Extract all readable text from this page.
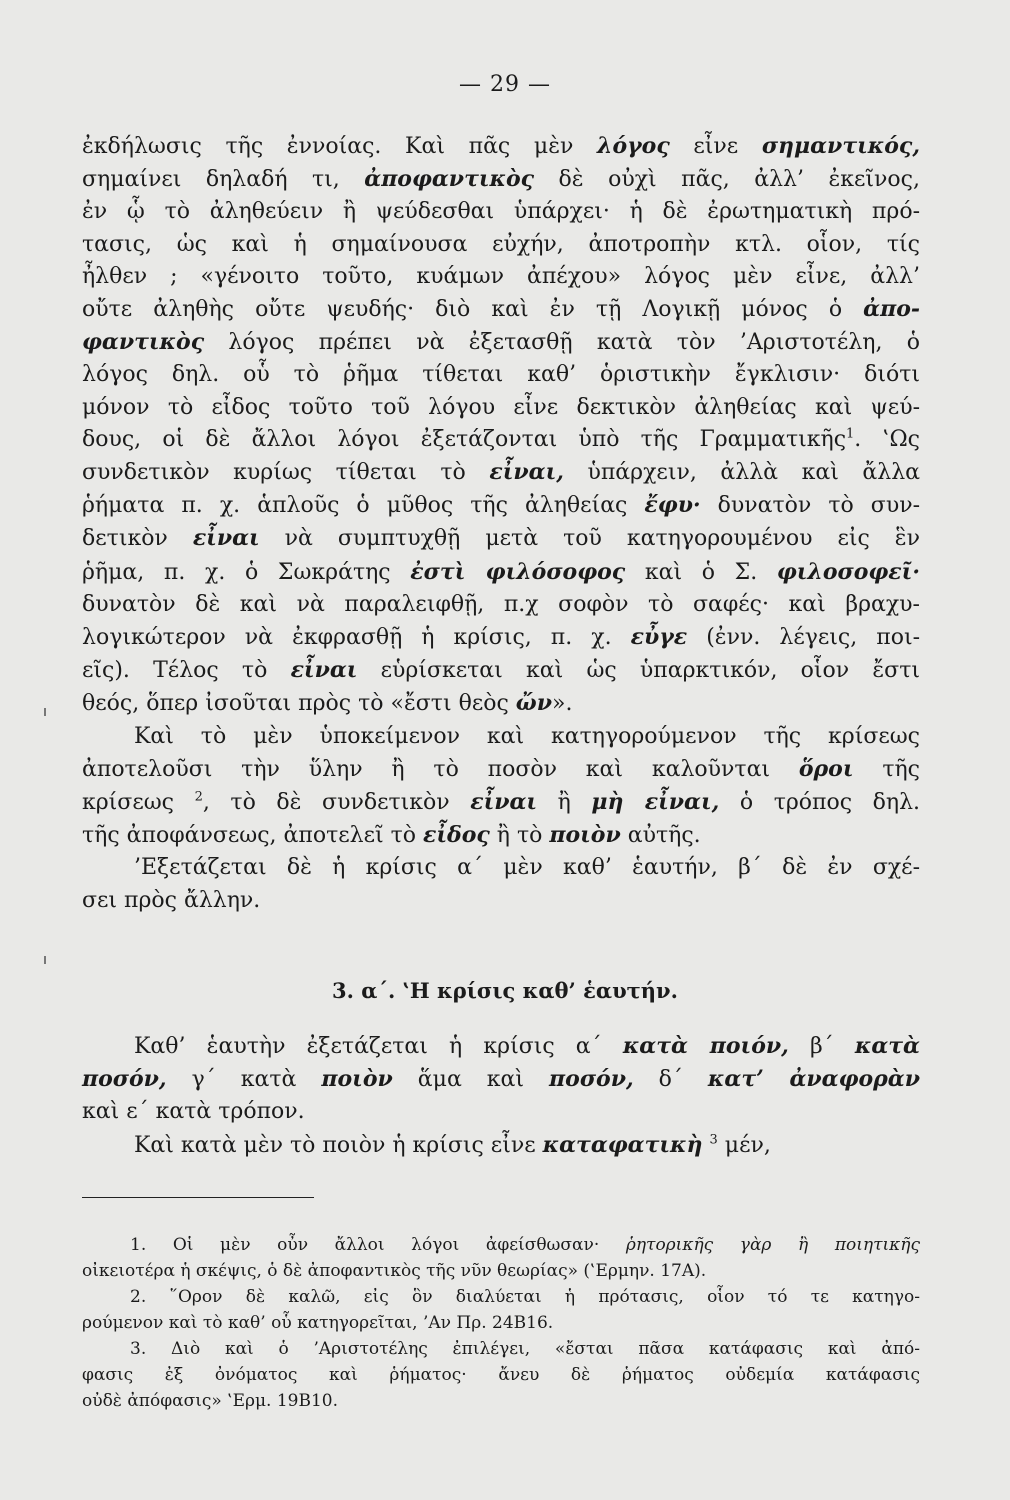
— 29 —
ἐκδήλωσις τῆς ἐννοίας. Καὶ πᾶς μὲν λόγος εἶνε σημαντικός,
σημαίνει δηλαδή τι, ἀποφαντικὸς δὲ οὐχὶ πᾶς, ἀλλ’ ἐκεῖνος,
ἐν ᾧ τὸ ἀληθεύειν ἢ ψεύδεσθαι ὑπάρχει· ἡ δὲ ἐρωτηματικὴ πρό-
τασις, ὡς καὶ ἡ σημαίνουσα εὐχήν, ἀποτροπὴν κτλ. οἷον, τίς
ἦλθεν ; «γένοιτο τοῦτο, κυάμων ἀπέχου» λόγος μὲν εἶνε, ἀλλ’
οὔτε ἀληθὴς οὔτε ψευδής· διὸ καὶ ἐν τῇ Λογικῇ μόνος ὁ ἀπο-
φαντικὸς λόγος πρέπει νὰ ἐξετασθῇ κατὰ τὸν ’Αριστοτέλη, ὁ
λόγος δηλ. οὗ τὸ ῥῆμα τίθεται καθ’ ὁριστικὴν ἔγκλισιν· διότι
μόνον τὸ εἶδος τοῦτο τοῦ λόγου εἶνε δεκτικὸν ἀληθείας καὶ ψεύ-
δους, οἱ δὲ ἄλλοι λόγοι ἐξετάζονται ὑπὸ τῆς Γραμματικῆς$^1$. ‛Ως
συνδετικὸν κυρίως τίθεται τὸ εἶναι, ὑπάρχειν, ἀλλὰ καὶ ἄλλα
ῥήματα π. χ. ἁπλοῦς ὁ μῦθος τῆς ἀληθείας ἔφυ· δυνατὸν τὸ συν-
δετικὸν εἶναι νὰ συμπτυχθῇ μετὰ τοῦ κατηγορουμένου εἰς ἓν
ῥῆμα, π. χ. ὁ Σωκράτης ἐστὶ φιλόσοφος καὶ ὁ Σ. φιλοσοφεῖ·
δυνατὸν δὲ καὶ νὰ παραλειφθῇ, π.χ σοφὸν τὸ σαφές· καὶ βραχυ-
λογικώτερον νὰ ἐκφρασθῇ ἡ κρίσις, π. χ. εὖγε (ἐνν. λέγεις, ποι-
εῖς). Τέλος τὸ εἶναι εὑρίσκεται καὶ ὡς ὑπαρκτικόν, οἷον ἔστι
θεός, ὅπερ ἰσοῦται πρὸς τὸ «ἔστι θεὸς ὤν».
Καὶ τὸ μὲν ὑποκείμενον καὶ κατηγορούμενον τῆς κρίσεως
ἀποτελοῦσι τὴν ὕλην ἢ τὸ ποσὸν καὶ καλοῦνται ὅροι τῆς
κρίσεως $^2$, τὸ δὲ συνδετικὸν εἶναι ἢ μὴ εἶναι, ὁ τρόπος δηλ.
τῆς ἀποφάνσεως, ἀποτελεῖ τὸ εἶδος ἢ τὸ ποιὸν αὐτῆς.
’Εξετάζεται δὲ ἡ κρίσις α΄ μὲν καθ’ ἑαυτήν, β΄ δὲ ἐν σχέ-
σει πρὸς ἄλλην.
3. α΄. ‛Η κρίσις καθ’ ἑαυτήν.
Καθ’ ἑαυτὴν ἐξετάζεται ἡ κρίσις α΄ κατὰ ποιόν, β΄ κατὰ
ποσόν, γ΄ κατὰ ποιὸν ἅμα καὶ ποσόν, δ΄ κατ’ ἀναφορὰν
καὶ ε΄ κατὰ τρόπον.
Καὶ κατὰ μὲν τὸ ποιὸν ἡ κρίσις εἶνε καταφατικὴ $^3$ μέν,
1. Οἱ μὲν οὖν ἄλλοι λόγοι ἀφείσθωσαν· ῥητορικῆς γὰρ ἢ ποιητικῆς
οἰκειοτέρα ἡ σκέψις, ὁ δὲ ἀποφαντικὸς τῆς νῦν θεωρίας» (‛Ερμην. 17Α).
2. ῞Ορον δὲ καλῶ, εἰς ὃν διαλύεται ἡ πρότασις, οἷον τό τε κατηγο-
ρούμενον καὶ τὸ καθ’ οὗ κατηγορεῖται, ’Αν Πρ. 24Β16.
3. Διὸ καὶ ὁ ’Αριστοτέλης ἐπιλέγει, «ἔσται πᾶσα κατάφασις καὶ ἀπό-
φασις ἐξ ὀνόματος καὶ ῥήματος· ἄνευ δὲ ῥήματος οὐδεμία κατάφασις
οὐδὲ ἀπόφασις» ‛Ερμ. 19Β10.
